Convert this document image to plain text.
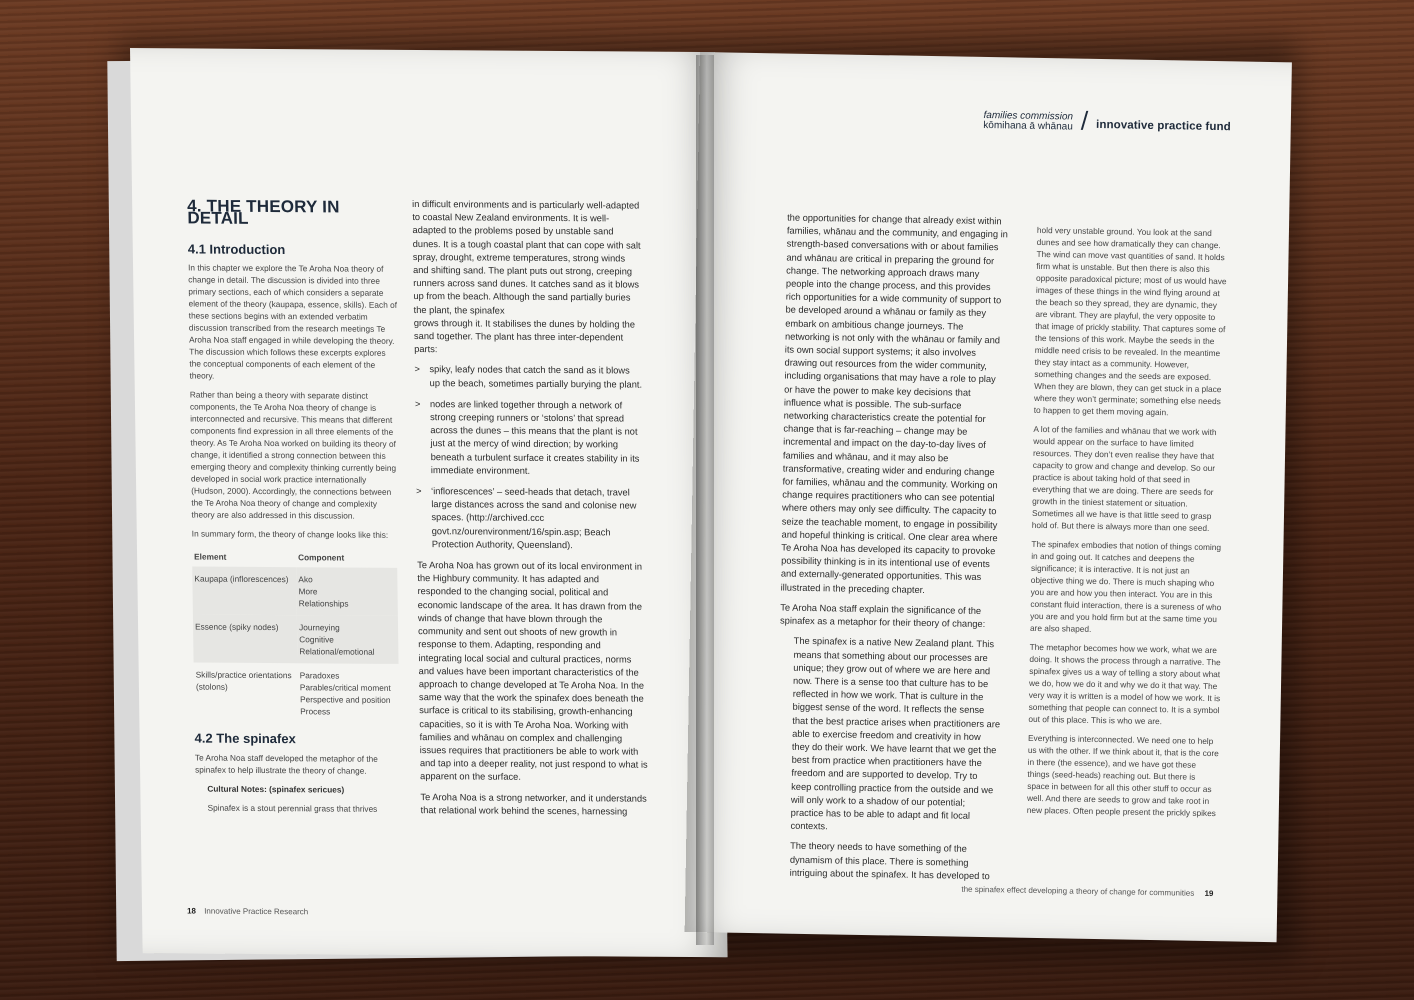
4. THE THEORY IN DETAIL
4.1 Introduction

In this chapter we explore the Te Aroha Noa theory of change in detail. The discussion is divided into three primary sections, each of which considers a separate element of the theory (kaupapa, essence, skills). Each of these sections begins with an extended verbatim discussion transcribed from the research meetings Te Aroha Noa staff engaged in while developing the theory. The discussion which follows these excerpts explores the conceptual components of each element of the theory.

Rather than being a theory with separate distinct components, the Te Aroha Noa theory of change is interconnected and recursive. This means that different components find expression in all three elements of the theory. As Te Aroha Noa worked on building its theory of change, it identified a strong connection between this emerging theory and complexity thinking currently being developed in social work practice internationally (Hudson, 2000). Accordingly, the connections between the Te Aroha Noa theory of change and complexity theory are also addressed in this discussion.

In summary form, the theory of change looks like this:

Element	Component
Kaupapa (inflorescences)	Ako
More
Relationships

Essence (spiky nodes)	Journeying
Cognitive
Relational/emotional

Skills/practice orientations (stolons)	Paradoxes
Parables/critical moment
Perspective and position
Process
4.2 The spinafex

Te Aroha Noa staff developed the metaphor of the spinafex to help illustrate the theory of change.

Cultural Notes: (spinafex sericues)

Spinafex is a stout perennial grass that thrives

in difficult environments and is particularly well-adapted to coastal New Zealand environments. It is well-adapted to the problems posed by unstable sand dunes. It is a tough coastal plant that can cope with salt spray, drought, extreme temperatures, strong winds and shifting sand. The plant puts out strong, creeping runners across sand dunes. It catches sand as it blows up from the beach. Although the sand partially buries the plant, the spinafex

grows through it. It stabilises the dunes by holding the sand together. The plant has three inter-dependent parts:

>	spiky, leafy nodes that catch the sand as it blows up the beach, sometimes partially burying the plant.
>	nodes are linked together through a network of strong creeping runners or ‘stolons’ that spread across the dunes – this means that the plant is not just at the mercy of wind direction; by working beneath a turbulent surface it creates stability in its immediate environment.
>	‘inflorescences’ – seed-heads that detach, travel large distances across the sand and colonise new spaces. (http://archived.ccc govt.nz/ourenvironment/16/spin.asp; Beach Protection Authority, Queensland).

Te Aroha Noa has grown out of its local environment in the Highbury community. It has adapted and responded to the changing social, political and economic landscape of the area. It has drawn from the winds of change that have blown through the community and sent out shoots of new growth in response to them. Adapting, responding and integrating local social and cultural practices, norms and values have been important characteristics of the approach to change developed at Te Aroha Noa. In the same way that the work the spinafex does beneath the surface is critical to its stabilising, growth-enhancing capacities, so it is with Te Aroha Noa. Working with families and whānau on complex and challenging issues requires that practitioners be able to work with and tap into a deeper reality, not just respond to what is apparent on the surface.

Te Aroha Noa is a strong networker, and it understands that relational work behind the scenes, harnessing

18 Innovative Practice Research
families commission
kōmihana ā whānau / innovative practice fund

the opportunities for change that already exist within families, whānau and the community, and engaging in strength-based conversations with or about families and whānau are critical in preparing the ground for change. The networking approach draws many people into the change process, and this provides rich opportunities for a wide community of support to be developed around a whānau or family as they embark on ambitious change journeys. The networking is not only with the whānau or family and its own social support systems; it also involves drawing out resources from the wider community, including organisations that may have a role to play or have the power to make key decisions that influence what is possible. The sub-surface networking characteristics create the potential for change that is far-reaching – change may be incremental and impact on the day-to-day lives of families and whānau, and it may also be transformative, creating wider and enduring change for families, whānau and the community. Working on change requires practitioners who can see potential where others may only see difficulty. The capacity to seize the teachable moment, to engage in possibility and hopeful thinking is critical. One clear area where Te Aroha Noa has developed its capacity to provoke possibility thinking is in its intentional use of events and externally-generated opportunities. This was illustrated in the preceding chapter.

Te Aroha Noa staff explain the significance of the spinafex as a metaphor for their theory of change:

The spinafex is a native New Zealand plant. This means that something about our processes are unique; they grow out of where we are here and now. There is a sense too that culture has to be reflected in how we work. That is culture in the biggest sense of the word. It reflects the sense that the best practice arises when practitioners are able to exercise freedom and creativity in how they do their work. We have learnt that we get the best from practice when practitioners have the freedom and are supported to develop. Try to keep controlling practice from the outside and we will only work to a shadow of our potential; practice has to be able to adapt and fit local contexts.

The theory needs to have something of the dynamism of this place. There is something intriguing about the spinafex. It has developed to

hold very unstable ground. You look at the sand dunes and see how dramatically they can change. The wind can move vast quantities of sand. It holds firm what is unstable. But then there is also this opposite paradoxical picture; most of us would have images of these things in the wind flying around at the beach so they spread, they are dynamic, they are vibrant. They are playful, the very opposite to that image of prickly stability. That captures some of the tensions of this work. Maybe the seeds in the middle need crisis to be revealed. In the meantime they stay intact as a community. However, something changes and the seeds are exposed. When they are blown, they can get stuck in a place where they won’t germinate; something else needs to happen to get them moving again.

A lot of the families and whānau that we work with would appear on the surface to have limited resources. They don’t even realise they have that capacity to grow and change and develop. So our practice is about taking hold of that seed in everything that we are doing. There are seeds for growth in the tiniest statement or situation. Sometimes all we have is that little seed to grasp hold of. But there is always more than one seed.

The spinafex embodies that notion of things coming in and going out. It catches and deepens the significance; it is interactive. It is not just an objective thing we do. There is much shaping who you are and how you then interact. You are in this constant fluid interaction, there is a sureness of who you are and you hold firm but at the same time you are also shaped.

The metaphor becomes how we work, what we are doing. It shows the process through a narrative. The spinafex gives us a way of telling a story about what we do, how we do it and why we do it that way. The very way it is written is a model of how we work. It is something that people can connect to. It is a symbol out of this place. This is who we are.

Everything is interconnected. We need one to help us with the other. If we think about it, that is the core in there (the essence), and we have got these things (seed-heads) reaching out. But there is space in between for all this other stuff to occur as well. And there are seeds to grow and take root in new places. Often people present the prickly spikes

the spinafex effect developing a theory of change for communities 19
